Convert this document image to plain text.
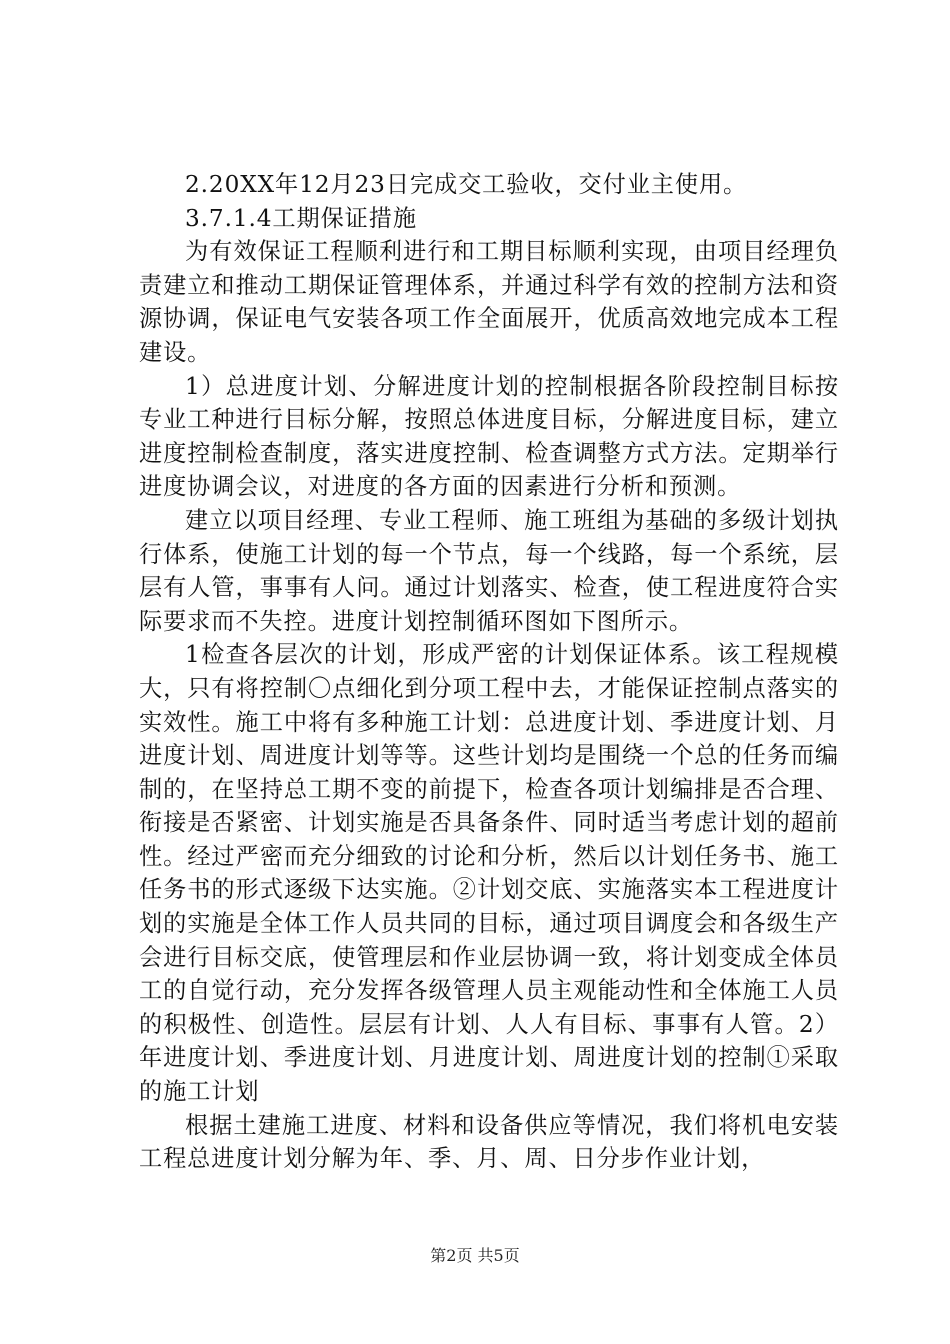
2.20XX年12月23日完成交工验收，交付业主使用。

3.7.1.4工期保证措施

为有效保证工程顺利进行和工期目标顺利实现，由项目经理负责建立和推动工期保证管理体系，并通过科学有效的控制方法和资源协调，保证电气安装各项工作全面展开，优质高效地完成本工程建设。

1）总进度计划、分解进度计划的控制根据各阶段控制目标按专业工种进行目标分解，按照总体进度目标，分解进度目标，建立进度控制检查制度，落实进度控制、检查调整方式方法。定期举行进度协调会议，对进度的各方面的因素进行分析和预测。

建立以项目经理、专业工程师、施工班组为基础的多级计划执行体系，使施工计划的每一个节点，每一个线路，每一个系统，层层有人管，事事有人问。通过计划落实、检查，使工程进度符合实际要求而不失控。进度计划控制循环图如下图所示。

1检查各层次的计划，形成严密的计划保证体系。该工程规模大，只有将控制〇点细化到分项工程中去，才能保证控制点落实的实效性。施工中将有多种施工计划：总进度计划、季进度计划、月进度计划、周进度计划等等。这些计划均是围绕一个总的任务而编制的，在坚持总工期不变的前提下，检查各项计划编排是否合理、衔接是否紧密、计划实施是否具备条件、同时适当考虑计划的超前性。经过严密而充分细致的讨论和分析，然后以计划任务书、施工任务书的形式逐级下达实施。②计划交底、实施落实本工程进度计划的实施是全体工作人员共同的目标，通过项目调度会和各级生产会进行目标交底，使管理层和作业层协调一致，将计划变成全体员工的自觉行动，充分发挥各级管理人员主观能动性和全体施工人员的积极性、创造性。层层有计划、人人有目标、事事有人管。2）年进度计划、季进度计划、月进度计划、周进度计划的控制①采取的施工计划

根据土建施工进度、材料和设备供应等情况，我们将机电安装工程总进度计划分解为年、季、月、周、日分步作业计划，

第2页 共5页
